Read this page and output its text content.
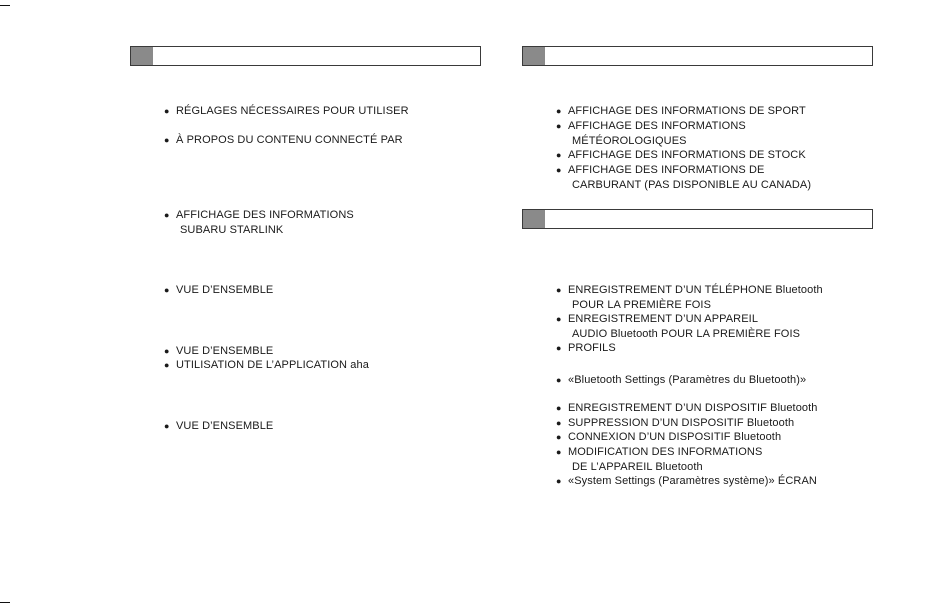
● RÉGLAGES NÉCESSAIRES POUR UTILISER
● À PROPOS DU CONTENU CONNECTÉ PAR
● AFFICHAGE DES INFORMATIONS
SUBARU STARLINK
● VUE D’ENSEMBLE
● VUE D’ENSEMBLE
● UTILISATION DE L’APPLICATION aha
● VUE D’ENSEMBLE
● AFFICHAGE DES INFORMATIONS DE SPORT
● AFFICHAGE DES INFORMATIONS
MÉTÉOROLOGIQUES
● AFFICHAGE DES INFORMATIONS DE STOCK
● AFFICHAGE DES INFORMATIONS DE
CARBURANT (PAS DISPONIBLE AU CANADA)
● ENREGISTREMENT D’UN TÉLÉPHONE Bluetooth
POUR LA PREMIÈRE FOIS
● ENREGISTREMENT D’UN APPAREIL
AUDIO Bluetooth POUR LA PREMIÈRE FOIS
● PROFILS
● «Bluetooth Settings (Paramètres du Bluetooth)»
● ENREGISTREMENT D’UN DISPOSITIF Bluetooth
● SUPPRESSION D’UN DISPOSITIF Bluetooth
● CONNEXION D’UN DISPOSITIF Bluetooth
● MODIFICATION DES INFORMATIONS
DE L’APPAREIL Bluetooth
● «System Settings (Paramètres système)» ÉCRAN
